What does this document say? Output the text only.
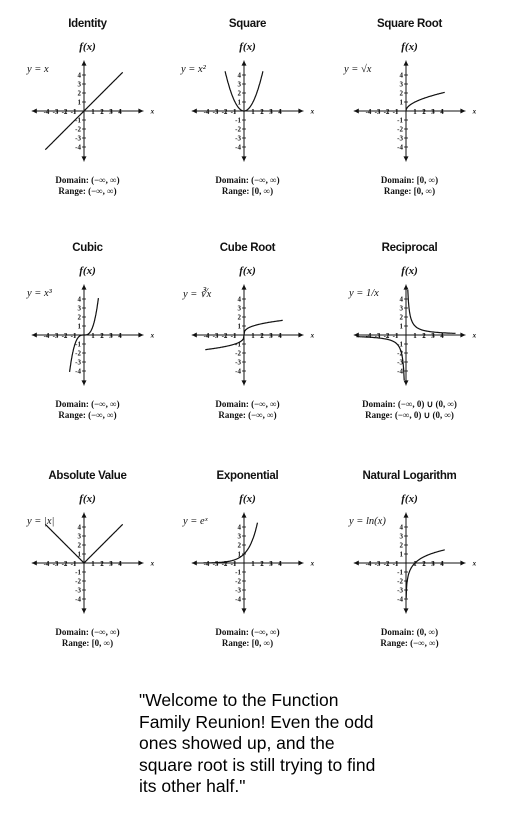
Identity
f(x)
y = x
-4 -3 -2 -1 1 2 3 4
4
3
2
1
-1
-2
-3
-4
x
Domain: (−∞, ∞)
Range: (−∞, ∞)
Square
f(x)
y = x²
-4 -3 -2 -1 1 2 3 4
4
3
2
1
-1
-2
-3
-4
x
Domain: (−∞, ∞)
Range: [0, ∞)
Square Root
f(x)
y = √x
-4 -3 -2 -1 1 2 3 4
4
3
2
1
-1
-2
-3
-4
x
Domain: [0, ∞)
Range: [0, ∞)
Cubic
f(x)
y = x³
-4 -3 -2 -1 1 2 3 4
4
3
2
1
-1
-2
-3
-4
x
Domain: (−∞, ∞)
Range: (−∞, ∞)
Cube Root
f(x)
y = ∛x
-4 -3 -2 -1 1 2 3 4
4
3
2
1
-1
-2
-3
-4
x
Domain: (−∞, ∞)
Range: (−∞, ∞)
Reciprocal
f(x)
y = 1/x
-4 -3 -2 -1 1 2 3 4
4
3
2
1
-1
-2
-3
-4
x
Domain: (−∞, 0) ∪ (0, ∞)
Range: (−∞, 0) ∪ (0, ∞)
Absolute Value
f(x)
y = |x|
-4 -3 -2 -1 1 2 3 4
4
3
2
1
-1
-2
-3
-4
x
Domain: (−∞, ∞)
Range: [0, ∞)
Exponential
f(x)
y = eˣ
-4 -3 -2 -1 1 2 3 4
4
3
2
1
-1
-2
-3
-4
x
Domain: (−∞, ∞)
Range: [0, ∞)
Natural Logarithm
f(x)
y = ln(x)
-4 -3 -2 -1 1 2 3 4
4
3
2
1
-1
-2
-3
-4
x
Domain: (0, ∞)
Range: (−∞, ∞)
"Welcome to the Function Family Reunion! Even the odd ones showed up, and the square root is still trying to find its other half."
